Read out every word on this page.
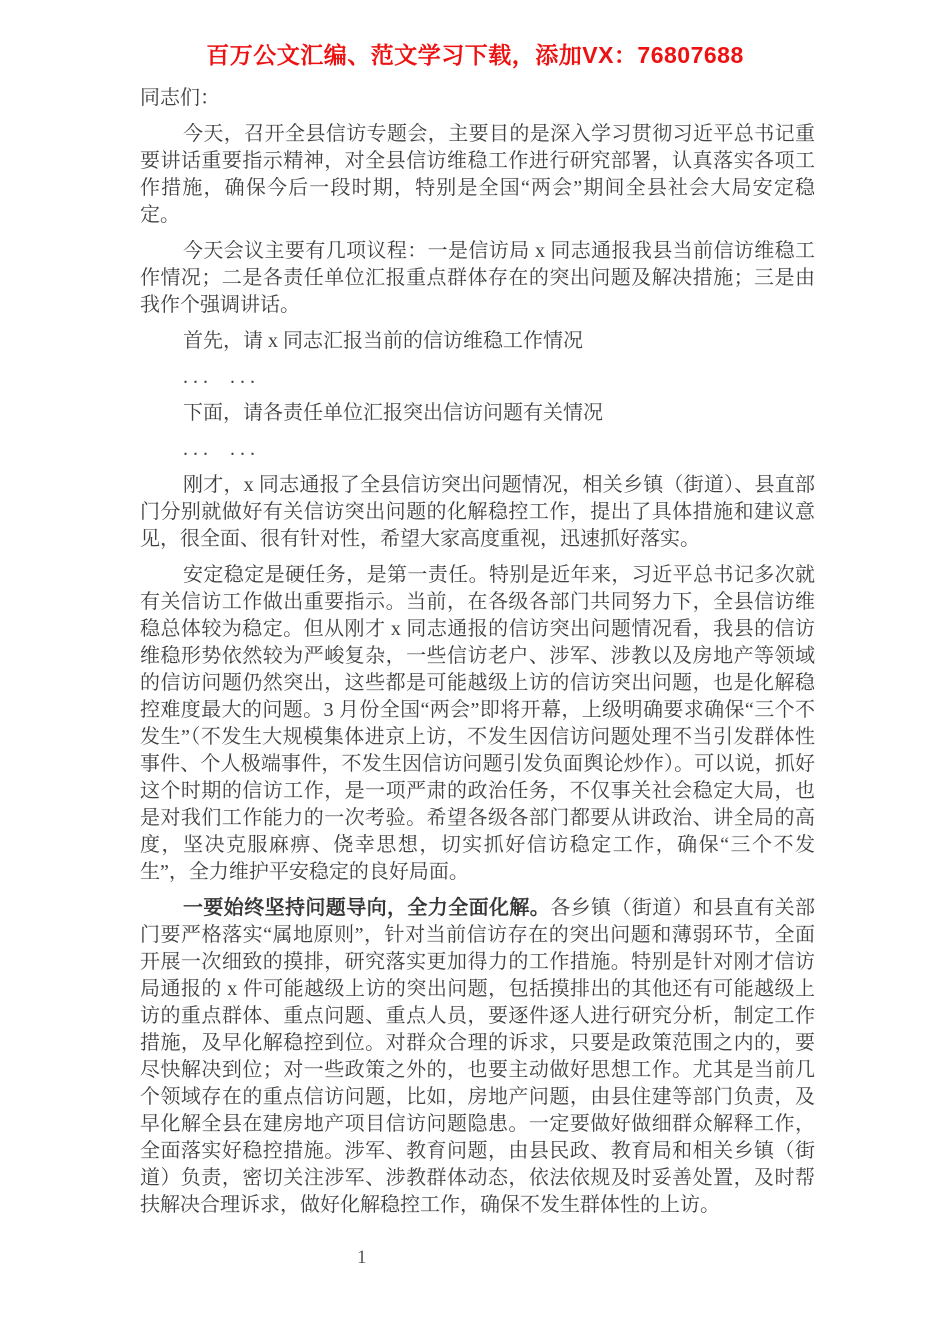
百万公文汇编、范文学习下载，添加VX：76807688

同志们：

今天，召开全县信访专题会，主要目的是深入学习贯彻习近平总书记重要讲话重要指示精神，对全县信访维稳工作进行研究部署，认真落实各项工作措施，确保今后一段时期，特别是全国“两会”期间全县社会大局安定稳定。

今天会议主要有几项议程：一是信访局 x 同志通报我县当前信访维稳工作情况；二是各责任单位汇报重点群体存在的突出问题及解决措施；三是由我作个强调讲话。

首先，请 x 同志汇报当前的信访维稳工作情况

... ...

下面，请各责任单位汇报突出信访问题有关情况

... ...

刚才，x 同志通报了全县信访突出问题情况，相关乡镇（街道）、县直部门分别就做好有关信访突出问题的化解稳控工作，提出了具体措施和建议意见，很全面、很有针对性，希望大家高度重视，迅速抓好落实。

安定稳定是硬任务，是第一责任。特别是近年来，习近平总书记多次就有关信访工作做出重要指示。当前，在各级各部门共同努力下，全县信访维稳总体较为稳定。但从刚才 x 同志通报的信访突出问题情况看，我县的信访维稳形势依然较为严峻复杂，一些信访老户、涉军、涉教以及房地产等领域的信访问题仍然突出，这些都是可能越级上访的信访突出问题，也是化解稳控难度最大的问题。3 月份全国“两会”即将开幕，上级明确要求确保“三个不发生”（不发生大规模集体进京上访，不发生因信访问题处理不当引发群体性事件、个人极端事件，不发生因信访问题引发负面舆论炒作）。可以说，抓好这个时期的信访工作，是一项严肃的政治任务，不仅事关社会稳定大局，也是对我们工作能力的一次考验。希望各级各部门都要从讲政治、讲全局的高度，坚决克服麻痹、侥幸思想，切实抓好信访稳定工作，确保“三个不发生”，全力维护平安稳定的良好局面。

一要始终坚持问题导向，全力全面化解。各乡镇（街道）和县直有关部门要严格落实“属地原则”，针对当前信访存在的突出问题和薄弱环节，全面开展一次细致的摸排，研究落实更加得力的工作措施。特别是针对刚才信访局通报的 x 件可能越级上访的突出问题，包括摸排出的其他还有可能越级上访的重点群体、重点问题、重点人员，要逐件逐人进行研究分析，制定工作措施，及早化解稳控到位。对群众合理的诉求，只要是政策范围之内的，要尽快解决到位；对一些政策之外的，也要主动做好思想工作。尤其是当前几个领域存在的重点信访问题，比如，房地产问题，由县住建等部门负责，及早化解全县在建房地产项目信访问题隐患。一定要做好做细群众解释工作，全面落实好稳控措施。涉军、教育问题，由县民政、教育局和相关乡镇（街道）负责，密切关注涉军、涉教群体动态，依法依规及时妥善处置，及时帮扶解决合理诉求，做好化解稳控工作，确保不发生群体性的上访。

1
